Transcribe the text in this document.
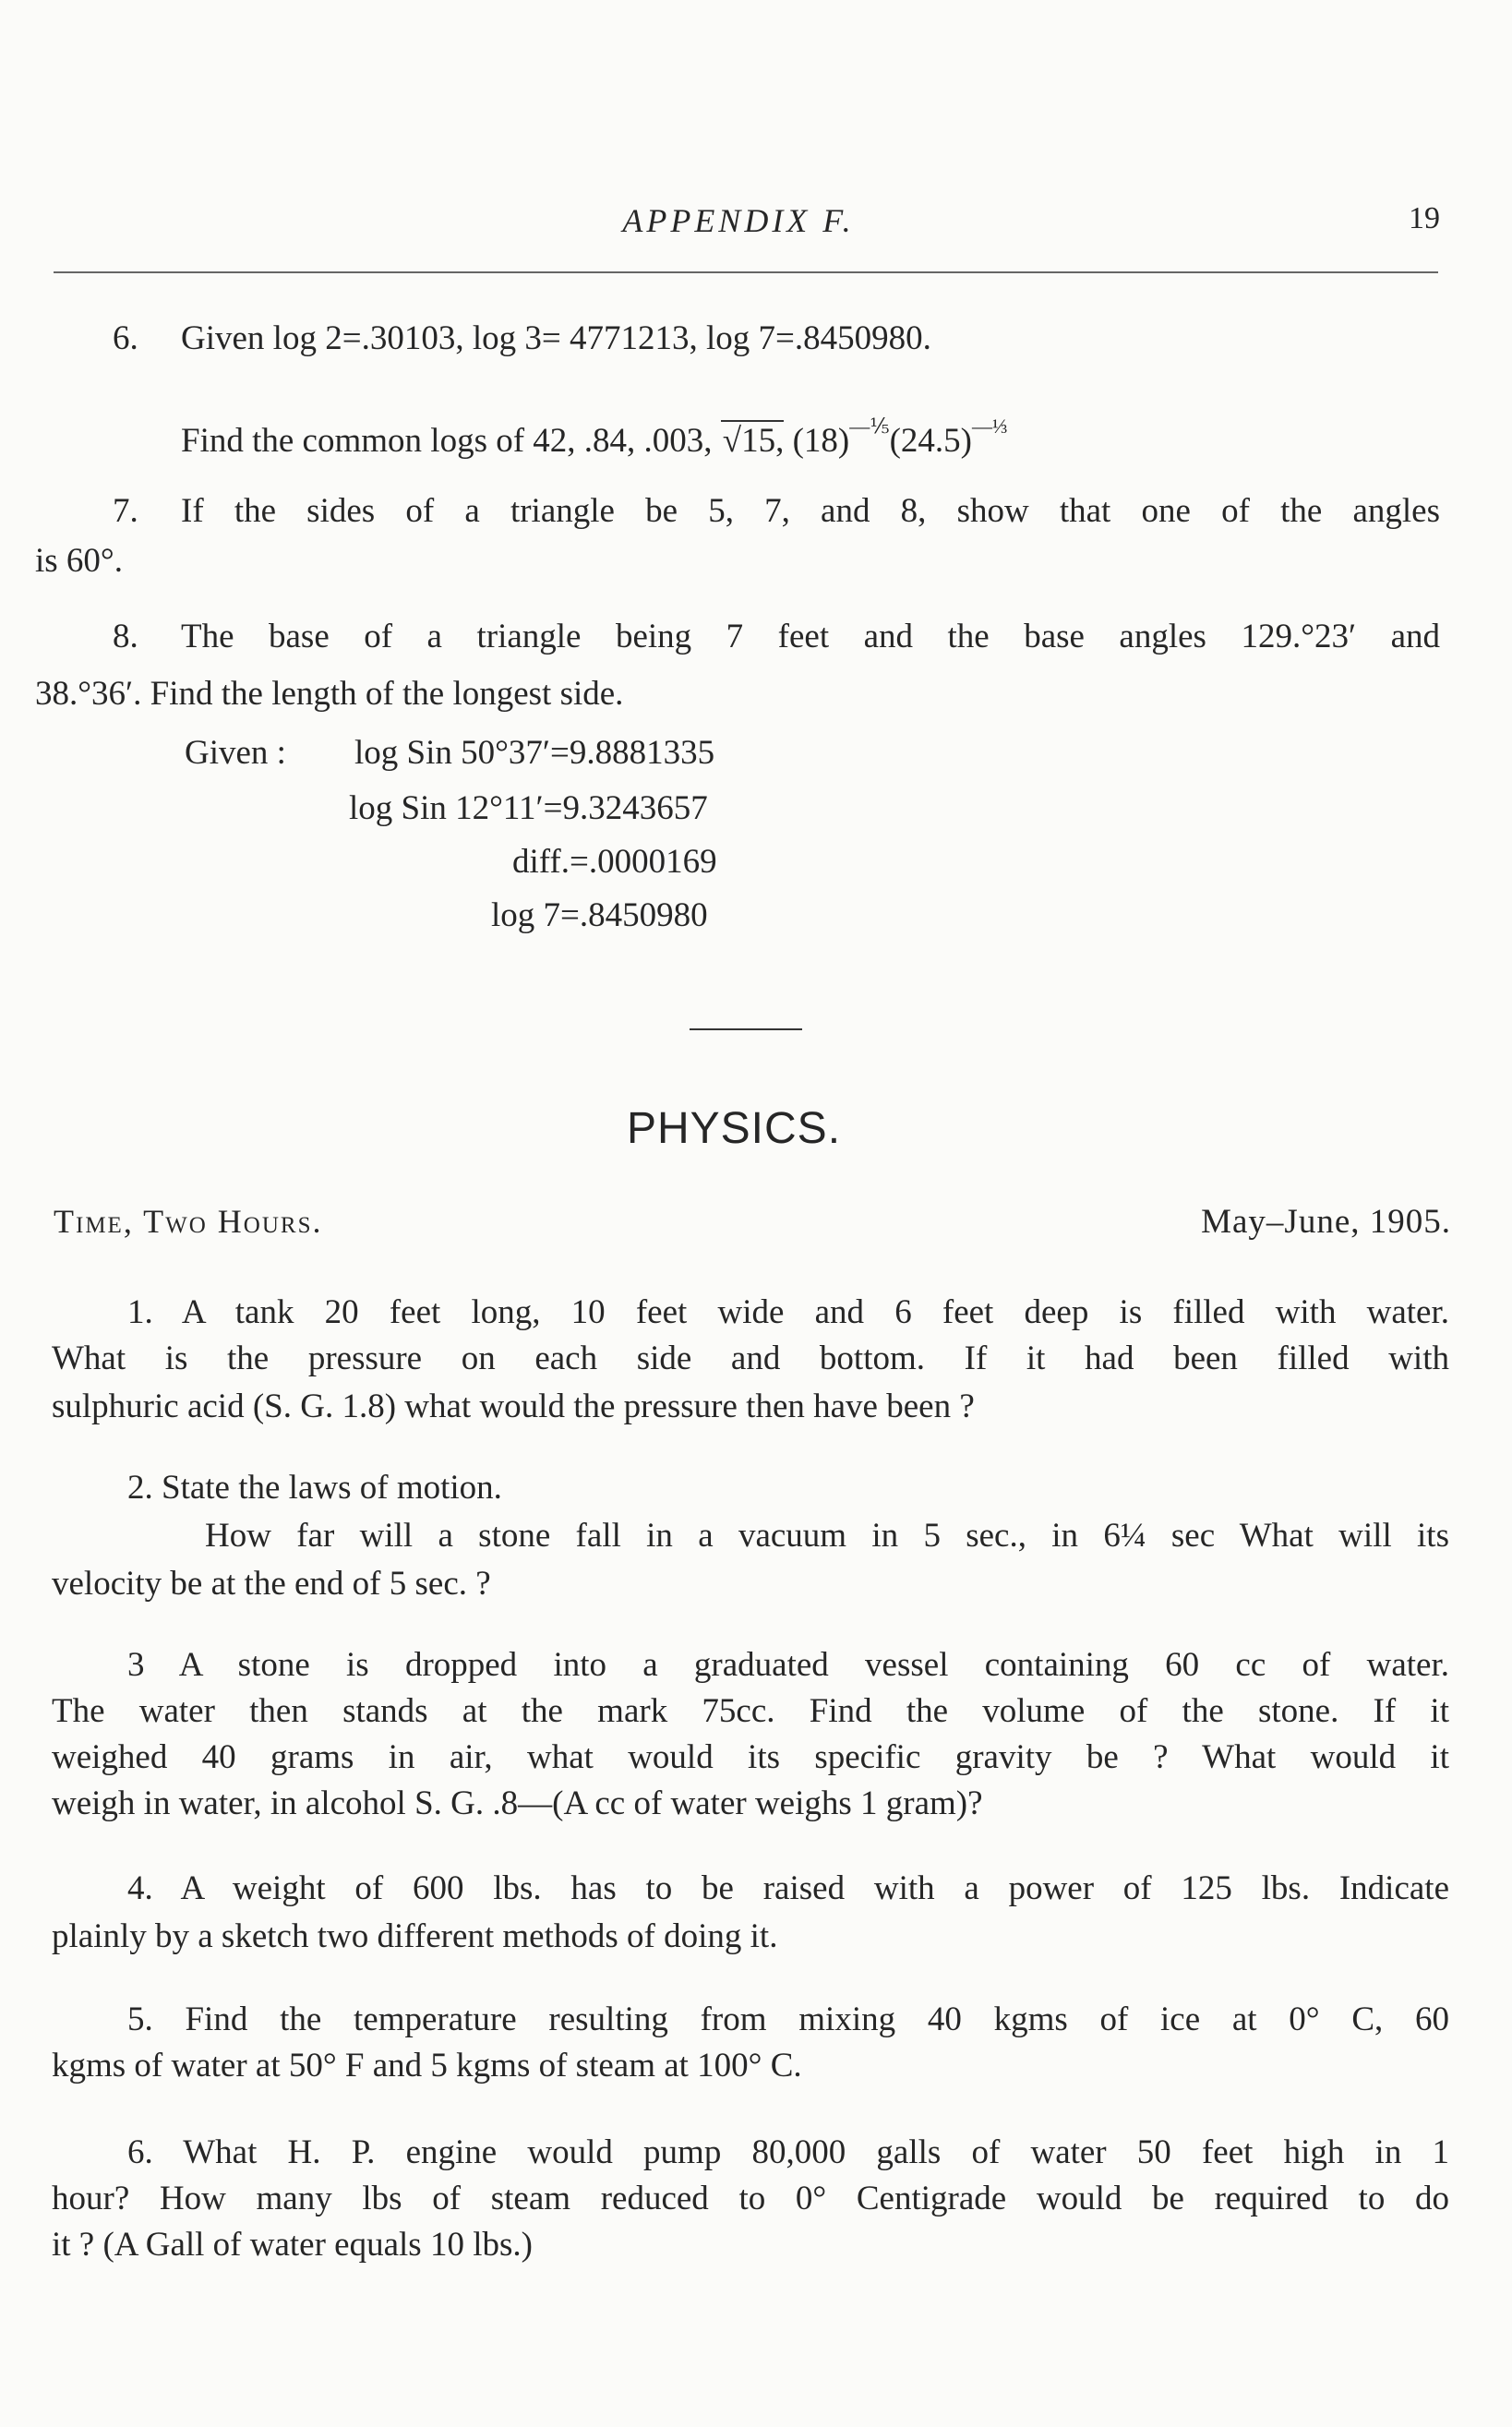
APPENDIX F.	19
6. Given log 2=.30103, log 3= 4771213, log 7=.8450980.
Find the common logs of 42, .84, .003, √15, $(18)^{—\frac{1}{5}}(24.5)^{—\frac{1}{3}}$
7. If the sides of a triangle be 5, 7, and 8, show that one of the angles
is 60°.
8. The base of a triangle being 7 feet and the base angles 129.°23′ and
38.°36′. Find the length of the longest side.
Given : log Sin 50°37′=9.8881335
log Sin 12°11′=9.3243657
diff.=.0000169
log 7=.8450980
PHYSICS.
Time, Two Hours.	May–June, 1905.
1. A tank 20 feet long, 10 feet wide and 6 feet deep is filled with water.
What is the pressure on each side and bottom. If it had been filled with
sulphuric acid (S. G. 1.8) what would the pressure then have been ?
2. State the laws of motion.
How far will a stone fall in a vacuum in 5 sec., in 6¼ sec What will its
velocity be at the end of 5 sec. ?
3 A stone is dropped into a graduated vessel containing 60 cc of water.
The water then stands at the mark 75cc. Find the volume of the stone. If it
weighed 40 grams in air, what would its specific gravity be ? What would it
weigh in water, in alcohol S. G. .8—(A cc of water weighs 1 gram)?
4. A weight of 600 lbs. has to be raised with a power of 125 lbs. Indicate
plainly by a sketch two different methods of doing it.
5. Find the temperature resulting from mixing 40 kgms of ice at 0° C, 60
kgms of water at 50° F and 5 kgms of steam at 100° C.
6. What H. P. engine would pump 80,000 galls of water 50 feet high in 1
hour? How many lbs of steam reduced to 0° Centigrade would be required to do
it ? (A Gall of water equals 10 lbs.)
